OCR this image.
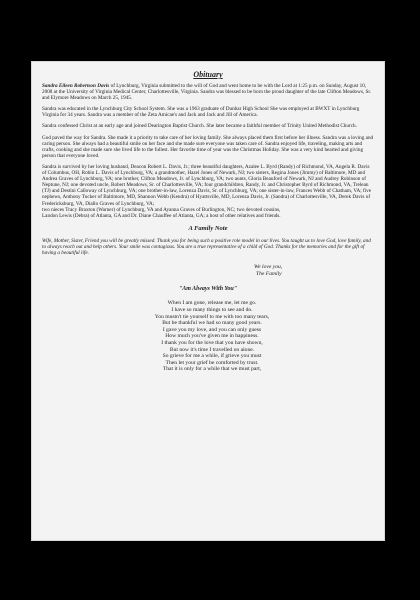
Obituary

Sandra Eileen Robertson Davis of Lynchburg, Virginia submitted to the will of God and went home to be with the Lord at 1:25 p.m. on Sunday, August 10, 2008 at the University of Virginia Medical Center, Charlottesville, Virginia. Sandra was blessed to be born the proud daughter of the late Clifton Meadows, Sr. and Elymore Meadows on March 25, 1945.

Sandra was educated in the Lynchburg City School System. She was a 1963 graduate of Dunbar High School She was employed at BWXT in Lynchburg Virginia for 34 years. Sandra was a member of the Zeta Amicae's and Jack and Jack and Jill of America.

Sandra confessed Christ at an early age and joined Dearington Baptist Church. She later became a faithful member of Trinity United Methodist Church.

God paved the way for Sandra. She made it a priority to take care of her loving family. She always placed them first before her illness. Sandra was a loving and caring person. She always had a beautiful smile on her face and she made sure everyone was taken care of. Sandra enjoyed life, traveling, making arts and crafts, cooking and she made sure she lived life to the fullest. Her favorite time of year was the Christmas Holiday. She was a very kind hearted and giving person that everyone loved.

Sandra is survived by her loving husband, Deacon Robert L. Davis, Jr.; three beautiful daughters, Azalee L. Byrd (Randy) of Richmond, VA, Angela R. Davis of Columbus, OH, Robin L. Davis of Lynchburg, VA; a grandmother, Hazel Jones of Newark, NJ; two sisters, Regina Jones (Jimmy) of Baltimore, MD and Andrea Graves of Lynchburg, VA; one brother, Clifton Meadows, Jr. of Lynchburg, VA; two aunts, Gloria Beauford of Newark, NJ and Audrey Robinson of Neptune, NJ; one devoted uncle, Robert Meadows, Sr. of Charlottesville, VA; four grandchildren, Randy, Jr. and Christopher Byrd of Richmond, VA, Trelean (TJ) and Destini Calloway of Lynchburg, VA; one brother-in-law, Lorenza Davis, Sr. of Lynchburg, VA; one sister-in-law, Frances Webb of Chatham, VA; five nephews, Anthony Tucker of Baltimore, MD, Shannon Webb (Kendra) of Hyattsville, MD, Lorenza Davis, Jr. (Sandra) of Charlottesville, VA, Derek Davis of Fredericksburg, VA, Diallo Graves of Lynchburg, VA;
two nieces Tracy Braxton (Warner) of Lynchburg, VA and Ayanna Graves of Burlington, NC; two devoted cousins,
Landon Lewis (Debra) of Atlanta, GA and Dr. Diane Chauffee of Atlanta, GA; a host of other relatives and friends.

A Family Note

Wife, Mother, Sister, Friend you will be greatly missed. Thank you for being such a positive role model in our lives. You taught us to love God, love family, and to always reach out and help others. Your smile was contagious. You are a true representative of a child of God. Thanks for the memories and for the gift of having a beautiful life.

We love you,
The Family
"Am Always With You"
When I am gone, release me, let me go.
I have so many things to see and do.
You mustn't tie yourself to me with too many tears,
But be thankful we had so many good years.
I gave you my love, and you can only guess
How much you've given me in happiness.
I thank you for the love that you have shown,
But now it's time I travelled on alone.
So grieve for me a while, if grieve you must
Then let your grief be comforted by trust.
That it is only for a while that we must part,
